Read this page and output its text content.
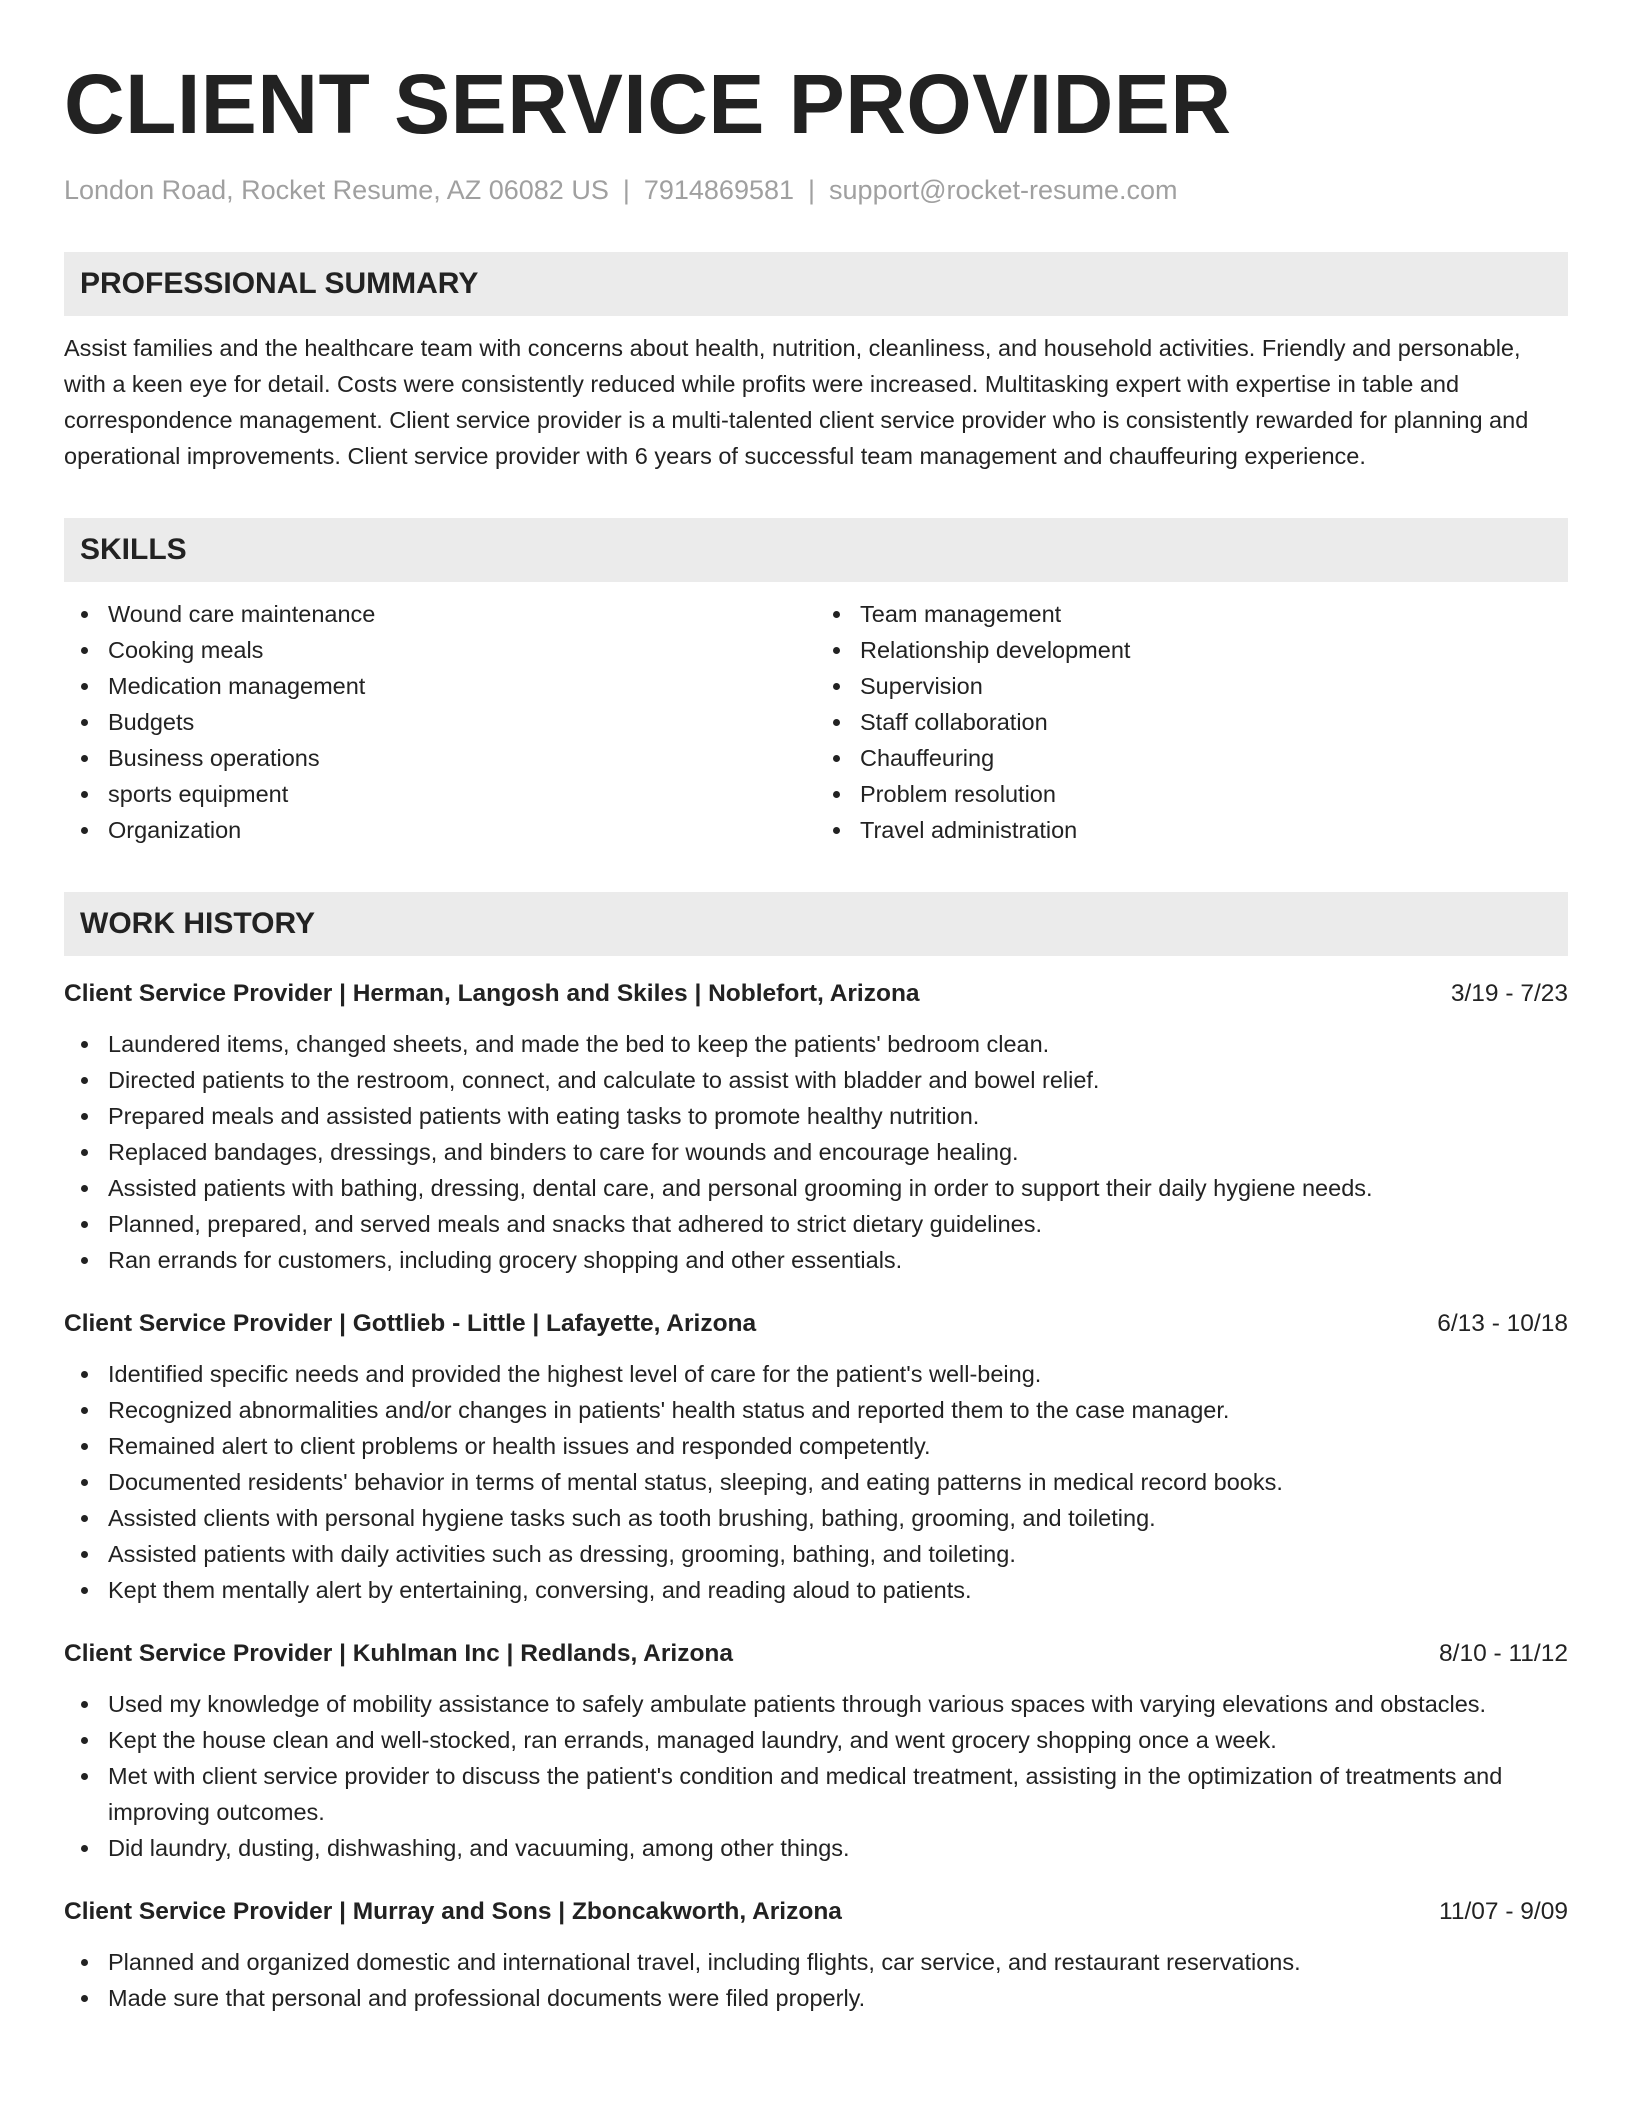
CLIENT SERVICE PROVIDER
London Road, Rocket Resume, AZ 06082 US | 7914869581 | support@rocket-resume.com
PROFESSIONAL SUMMARY
Assist families and the healthcare team with concerns about health, nutrition, cleanliness, and household activities. Friendly and personable, with a keen eye for detail. Costs were consistently reduced while profits were increased. Multitasking expert with expertise in table and correspondence management. Client service provider is a multi-talented client service provider who is consistently rewarded for planning and operational improvements. Client service provider with 6 years of successful team management and chauffeuring experience.
SKILLS
Wound care maintenance
Cooking meals
Medication management
Budgets
Business operations
sports equipment
Organization
Team management
Relationship development
Supervision
Staff collaboration
Chauffeuring
Problem resolution
Travel administration
WORK HISTORY
Client Service Provider | Herman, Langosh and Skiles | Noblefort, Arizona	3/19 - 7/23
Laundered items, changed sheets, and made the bed to keep the patients' bedroom clean.
Directed patients to the restroom, connect, and calculate to assist with bladder and bowel relief.
Prepared meals and assisted patients with eating tasks to promote healthy nutrition.
Replaced bandages, dressings, and binders to care for wounds and encourage healing.
Assisted patients with bathing, dressing, dental care, and personal grooming in order to support their daily hygiene needs.
Planned, prepared, and served meals and snacks that adhered to strict dietary guidelines.
Ran errands for customers, including grocery shopping and other essentials.
Client Service Provider | Gottlieb - Little | Lafayette, Arizona	6/13 - 10/18
Identified specific needs and provided the highest level of care for the patient's well-being.
Recognized abnormalities and/or changes in patients' health status and reported them to the case manager.
Remained alert to client problems or health issues and responded competently.
Documented residents' behavior in terms of mental status, sleeping, and eating patterns in medical record books.
Assisted clients with personal hygiene tasks such as tooth brushing, bathing, grooming, and toileting.
Assisted patients with daily activities such as dressing, grooming, bathing, and toileting.
Kept them mentally alert by entertaining, conversing, and reading aloud to patients.
Client Service Provider | Kuhlman Inc | Redlands, Arizona	8/10 - 11/12
Used my knowledge of mobility assistance to safely ambulate patients through various spaces with varying elevations and obstacles.
Kept the house clean and well-stocked, ran errands, managed laundry, and went grocery shopping once a week.
Met with client service provider to discuss the patient's condition and medical treatment, assisting in the optimization of treatments and improving outcomes.
Did laundry, dusting, dishwashing, and vacuuming, among other things.
Client Service Provider | Murray and Sons | Zboncakworth, Arizona	11/07 - 9/09
Planned and organized domestic and international travel, including flights, car service, and restaurant reservations.
Made sure that personal and professional documents were filed properly.
